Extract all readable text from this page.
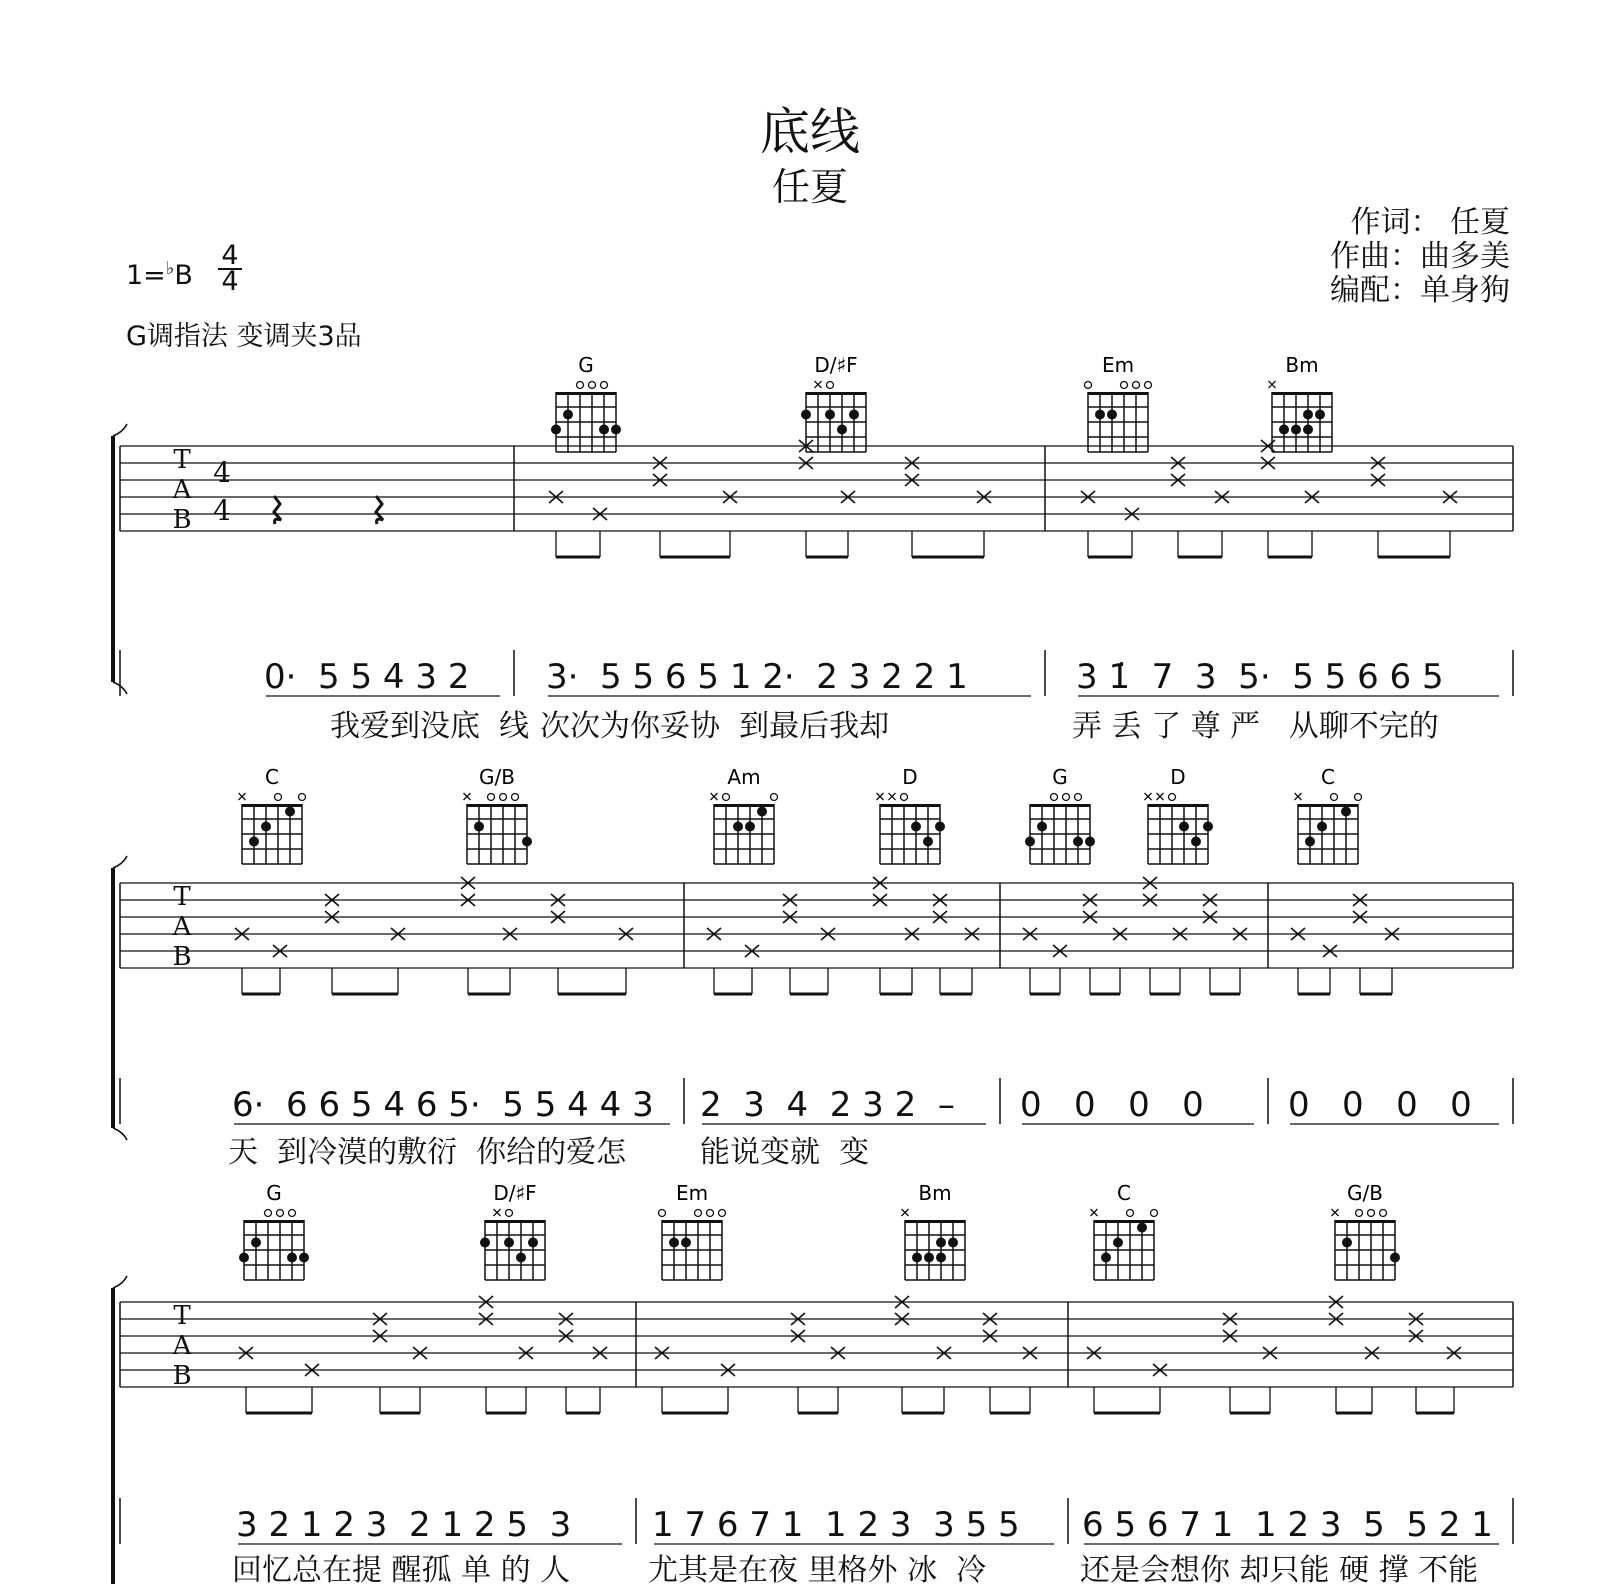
底线
任夏
作词： 任夏
作曲：曲多美
编配：单身狗
1=♭B
4
4
G调指法 变调夹3品
T
A
B
4
4
G	D/♯F	Em	Bm
0·  5 5 4 3 2 3·  5 5 6 5 1 2·  2 3 2 2 1	3 1̇  7  3  5·  5 5 6 6 5
我爱到没底  线 次次为你妥协  到最后我却	弄 丢 了 尊 严   从聊不完的
T
A
B
C	G/B	Am	D	G	D	C
6·  6 6 5 4 6 5·  5 5 4 4 3 2  3  4  2 3 2  – 0   0   0   0 0   0   0   0
天  到冷漠的敷衍  你给的爱怎 能说变就  变
T
A
B
G	D/♯F	Em	Bm	C	G/B
3 2 1 2 3  2 1 2 5  3 1 7 6 7 1  1 2 3  3 5 5 6 5 6 7 1  1 2 3  5  5 2 1
回忆总在提 醒孤 单 的 人	尤其是在夜 里格外 冰  冷	还是会想你 却只能 硬 撑 不能
